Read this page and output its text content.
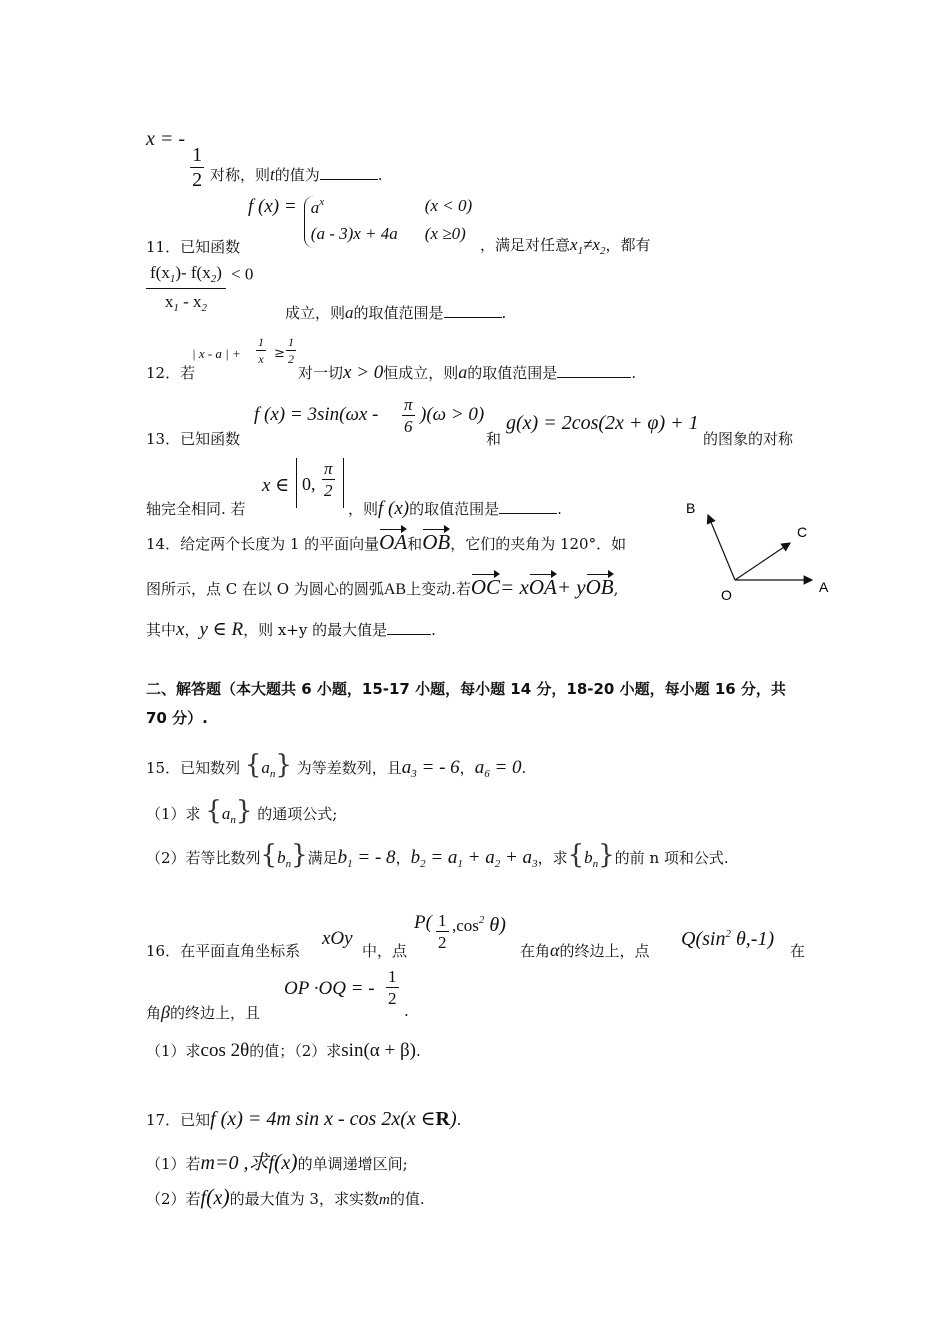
x = -
$\frac{1}{2}$ 对称，则t的值为	.
f $(x) = a^x$	(x < 0)
(a - 3)x + 4a (x ≥0)
11．已知函数	，满足对任意$x_1\ne x_2$，都有
$\frac{f(x_1)- f(x_2)}{x_1 - x_2} < 0$
成立，则a的取值范围是	.
12．若
| x - a | + $\frac{1}{x} \ge \frac{1}{2}$
对一切x > 0恒成立，则a的取值范围是	.
13．已知函数
f $(x) = 3\sin(\omega x - \frac{\pi}{6} )(\omega > 0)$
和
g(x) = 2cos(2x + φ) + 1
的图象的对称
轴完全相同. 若
x ∈ 0, $\frac{\pi}{2}$
，则f (x)的取值范围是	.
14．给定两个长度为 1 的平面向量OA和OB，它们的夹角为 120°．如
图所示，点 C 在以 O 为圆心的圆弧AB上变动.若OC= xOA+ yOB,
其中x，y ∈ R，则 x+y 的最大值是	.
B
C
O	A
二、解答题（本大题共 6 小题，15-17 小题，每小题 14 分，18-20 小题，每小题 16 分，共
70 分）.
15．已知数列 $\{a_n\}$ 为等差数列，且$a_3$ = - 6，$a_6 = 0$.
（1）求 $\{a_n\}$ 的通项公式;
（2）若等比数列$\{b_n\}$满足$b_1$ = - 8，$b_2 = a_1 + a_2 + a_3$，求$\{b_n\}$的前 n 项和公式.
16．在平面直角坐标系
xOy
中，点
$P( \frac{1}{2} ,\cos^2$ θ)
在角α的终边上，点
$Q(\sin^2$ θ,-1)
在
角β的终边上，且
OP ·OQ = - $\frac{1}{2}$
.
（1）求cos 2θ的值；（2）求sin(α + β).
17．已知f (x) = 4m sin x - cos 2x(x ∈R).
（1）若m=0 ,求f(x)的单调递增区间;
（2）若f(x)的最大值为 3，求实数m的值.
